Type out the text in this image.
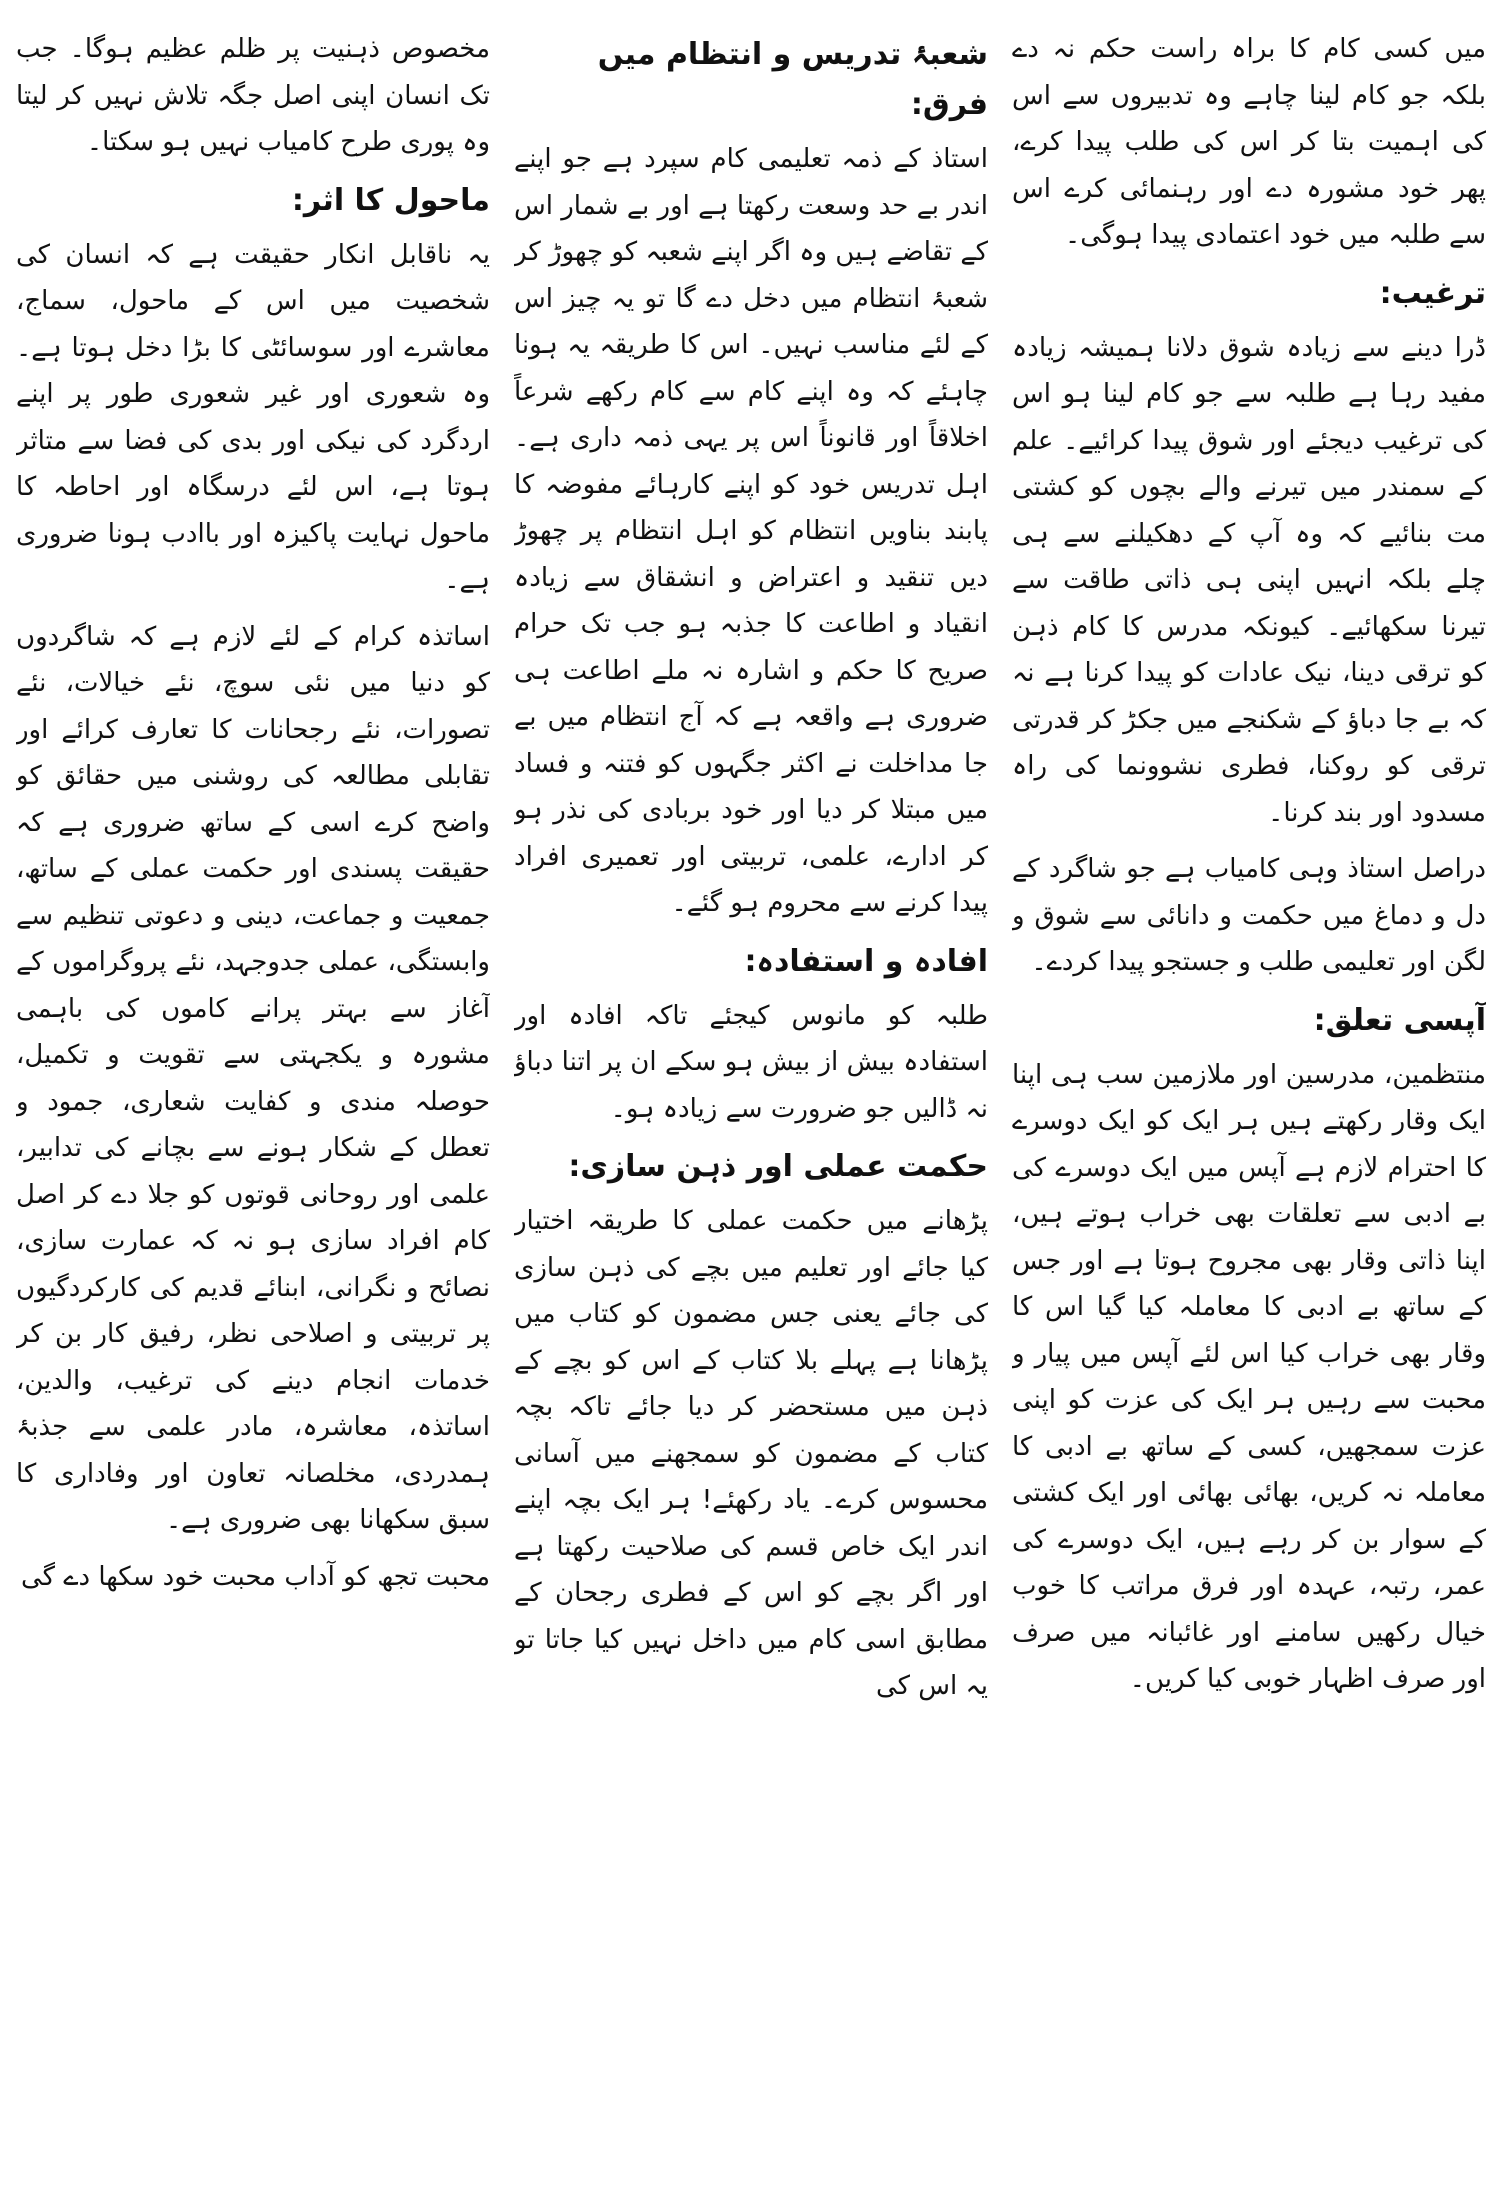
میں کسی کام کا براہ راست حکم نہ دے بلکہ جو کام لینا چاہے وہ تدبیروں سے اس کی اہمیت بتا کر اس کی طلب پیدا کرے، پھر خود مشورہ دے اور رہنمائی کرے اس سے طلبہ میں خود اعتمادی پیدا ہوگی۔

ترغیب:

ڈرا دینے سے زیادہ شوق دلانا ہمیشہ زیادہ مفید رہا ہے طلبہ سے جو کام لینا ہو اس کی ترغیب دیجئے اور شوق پیدا کرائیے۔ علم کے سمندر میں تیرنے والے بچوں کو کشتی مت بنائیے کہ وہ آپ کے دھکیلنے سے ہی چلے بلکہ انہیں اپنی ہی ذاتی طاقت سے تیرنا سکھائیے۔ کیونکہ مدرس کا کام ذہن کو ترقی دینا، نیک عادات کو پیدا کرنا ہے نہ کہ بے جا دباؤ کے شکنجے میں جکڑ کر قدرتی ترقی کو روکنا، فطری نشوونما کی راہ مسدود اور بند کرنا۔

دراصل استاذ وہی کامیاب ہے جو شاگرد کے دل و دماغ میں حکمت و دانائی سے شوق و لگن اور تعلیمی طلب و جستجو پیدا کردے۔

آپسی تعلق:

منتظمین، مدرسین اور ملازمین سب ہی اپنا ایک وقار رکھتے ہیں ہر ایک کو ایک دوسرے کا احترام لازم ہے آپس میں ایک دوسرے کی بے ادبی سے تعلقات بھی خراب ہوتے ہیں، اپنا ذاتی وقار بھی مجروح ہوتا ہے اور جس کے ساتھ بے ادبی کا معاملہ کیا گیا اس کا وقار بھی خراب کیا اس لئے آپس میں پیار و محبت سے رہیں ہر ایک کی عزت کو اپنی عزت سمجھیں، کسی کے ساتھ بے ادبی کا معاملہ نہ کریں، بھائی بھائی اور ایک کشتی کے سوار بن کر رہے ہیں، ایک دوسرے کی عمر، رتبہ، عہدہ اور فرق مراتب کا خوب خیال رکھیں سامنے اور غائبانہ میں صرف اور صرف اظہار خوبی کیا کریں۔

شعبۂ تدریس و انتظام میں فرق:

استاذ کے ذمہ تعلیمی کام سپرد ہے جو اپنے اندر بے حد وسعت رکھتا ہے اور بے شمار اس کے تقاضے ہیں وہ اگر اپنے شعبہ کو چھوڑ کر شعبۂ انتظام میں دخل دے گا تو یہ چیز اس کے لئے مناسب نہیں۔ اس کا طریقہ یہ ہونا چاہئے کہ وہ اپنے کام سے کام رکھے شرعاً اخلاقاً اور قانوناً اس پر یہی ذمہ داری ہے۔ اہل تدریس خود کو اپنے کارہائے مفوضہ کا پابند بناویں انتظام کو اہل انتظام پر چھوڑ دیں تنقید و اعتراض و انشقاق سے زیادہ انقیاد و اطاعت کا جذبہ ہو جب تک حرام صریح کا حکم و اشارہ نہ ملے اطاعت ہی ضروری ہے واقعہ ہے کہ آج انتظام میں بے جا مداخلت نے اکثر جگہوں کو فتنہ و فساد میں مبتلا کر دیا اور خود بربادی کی نذر ہو کر ادارے، علمی، تربیتی اور تعمیری افراد پیدا کرنے سے محروم ہو گئے۔

افادہ و استفادہ:

طلبہ کو مانوس کیجئے تاکہ افادہ اور استفادہ بیش از بیش ہو سکے ان پر اتنا دباؤ نہ ڈالیں جو ضرورت سے زیادہ ہو۔

حکمت عملی اور ذہن سازی:

پڑھانے میں حکمت عملی کا طریقہ اختیار کیا جائے اور تعلیم میں بچے کی ذہن سازی کی جائے یعنی جس مضمون کو کتاب میں پڑھانا ہے پہلے بلا کتاب کے اس کو بچے کے ذہن میں مستحضر کر دیا جائے تاکہ بچہ کتاب کے مضمون کو سمجھنے میں آسانی محسوس کرے۔ یاد رکھئے! ہر ایک بچہ اپنے اندر ایک خاص قسم کی صلاحیت رکھتا ہے اور اگر بچے کو اس کے فطری رجحان کے مطابق اسی کام میں داخل نہیں کیا جاتا تو یہ اس کی

مخصوص ذہنیت پر ظلم عظیم ہوگا۔ جب تک انسان اپنی اصل جگہ تلاش نہیں کر لیتا وہ پوری طرح کامیاب نہیں ہو سکتا۔

ماحول کا اثر:

یہ ناقابل انکار حقیقت ہے کہ انسان کی شخصیت میں اس کے ماحول، سماج، معاشرے اور سوسائٹی کا بڑا دخل ہوتا ہے۔ وہ شعوری اور غیر شعوری طور پر اپنے اردگرد کی نیکی اور بدی کی فضا سے متاثر ہوتا ہے، اس لئے درسگاہ اور احاطہ کا ماحول نہایت پاکیزہ اور باادب ہونا ضروری ہے۔

اساتذہ کرام کے لئے لازم ہے کہ شاگردوں کو دنیا میں نئی سوچ، نئے خیالات، نئے تصورات، نئے رجحانات کا تعارف کرائے اور تقابلی مطالعہ کی روشنی میں حقائق کو واضح کرے اسی کے ساتھ ضروری ہے کہ حقیقت پسندی اور حکمت عملی کے ساتھ، جمعیت و جماعت، دینی و دعوتی تنظیم سے وابستگی، عملی جدوجہد، نئے پروگراموں کے آغاز سے بہتر پرانے کاموں کی باہمی مشورہ و یکجہتی سے تقویت و تکمیل، حوصلہ مندی و کفایت شعاری، جمود و تعطل کے شکار ہونے سے بچانے کی تدابیر، علمی اور روحانی قوتوں کو جلا دے کر اصل کام افراد سازی ہو نہ کہ عمارت سازی، نصائح و نگرانی، ابنائے قدیم کی کارکردگیوں پر تربیتی و اصلاحی نظر، رفیق کار بن کر خدمات انجام دینے کی ترغیب، والدین، اساتذہ، معاشرہ، مادر علمی سے جذبۂ ہمدردی، مخلصانہ تعاون اور وفاداری کا سبق سکھانا بھی ضروری ہے۔

محبت تجھ کو آداب محبت خود سکھا دے گی
